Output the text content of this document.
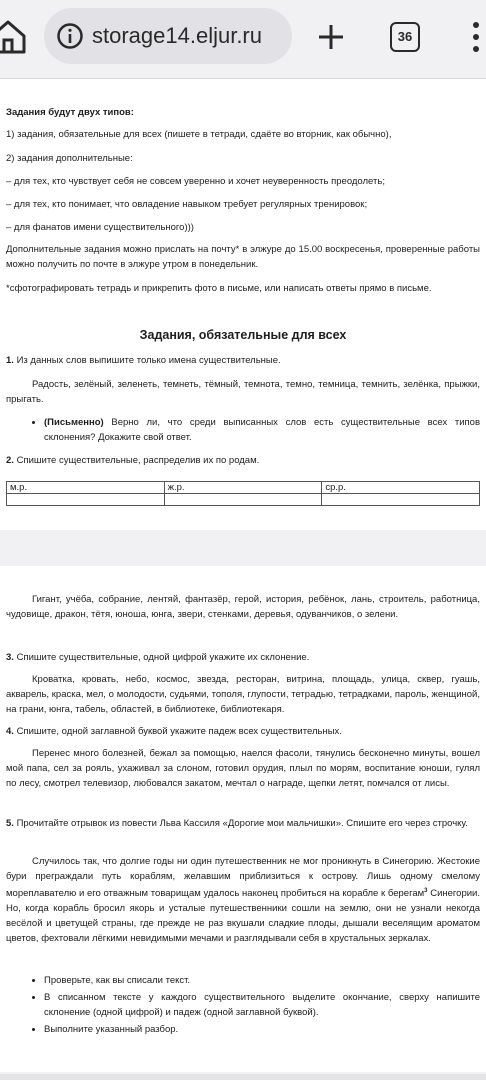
storage14.eljur.ru	36

Задания будут двух типов:

1) задания, обязательные для всех (пишете в тетради, сдаёте во вторник, как обычно),

2) задания дополнительные:

– для тех, кто чувствует себя не совсем уверенно и хочет неуверенность преодолеть;

– для тех, кто понимает, что овладение навыком требует регулярных тренировок;

– для фанатов имени существительного)))

Дополнительные задания можно прислать на почту* в элжуре до 15.00 воскресенья, проверенные работы можно получить по почте в элжуре утром в понедельник.

*сфотографировать тетрадь и прикрепить фото в письме, или написать ответы прямо в письме.

Задания, обязательные для всех

1. Из данных слов выпишите только имена существительные.

Радость, зелёный, зеленеть, темнеть, тёмный, темнота, темно, темница, темнить, зелёнка, прыжки, прыгать.

• (Письменно) Верно ли, что среди выписанных слов есть существительные всех типов склонения? Докажите свой ответ.

2. Спишите существительные, распределив их по родам.

м.р.	ж.р.	ср.р.

Гигант, учёба, собрание, лентяй, фантазёр, герой, история, ребёнок, лань, строитель, работница, чудовище, дракон, тётя, юноша, юнга, звери, стенками, деревья, одуванчиков, о зелени.

3. Спишите существительные, одной цифрой укажите их склонение.

Кроватка, кровать, небо, космос, звезда, ресторан, витрина, площадь, улица, сквер, гуашь, акварель, краска, мел, о молодости, судьями, тополя, глупости, тетрадью, тетрадками, пароль, женщиной, на грани, юнга, табель, областей, в библиотеке, библиотекаря.

4. Спишите, одной заглавной буквой укажите падеж всех существительных.

Перенес много болезней, бежал за помощью, наелся фасоли, тянулись бесконечно минуты, вошел мой папа, сел за рояль, ухаживал за слоном, готовил орудия, плыл по морям, воспитание юноши, гулял по лесу, смотрел телевизор, любовался закатом, мечтал о награде, щепки летят, помчался от лисы.

5. Прочитайте отрывок из повести Льва Кассиля «Дорогие мои мальчишки». Спишите его через строчку.

Случилось так, что долгие годы ни один путешественник не мог проникнуть в Синегорию. Жестокие бури преграждали путь кораблям, желавшим приблизиться к острову. Лишь одному смелому мореплавателю и его отважным товарищам удалось наконец пробиться на корабле к берегам$^3$ Синегории. Но, когда корабль бросил якорь и усталые путешественники сошли на землю, они не узнали некогда весёлой и цветущей страны, где прежде не раз вкушали сладкие плоды, дышали веселящим ароматом цветов, фехтовали лёгкими невидимыми мечами и разглядывали себя в хрустальных зеркалах.

• Проверьте, как вы списали текст.
• В списанном тексте у каждого существительного выделите окончание, сверху напишите склонение (одной цифрой) и падеж (одной заглавной буквой).
• Выполните указанный разбор.
